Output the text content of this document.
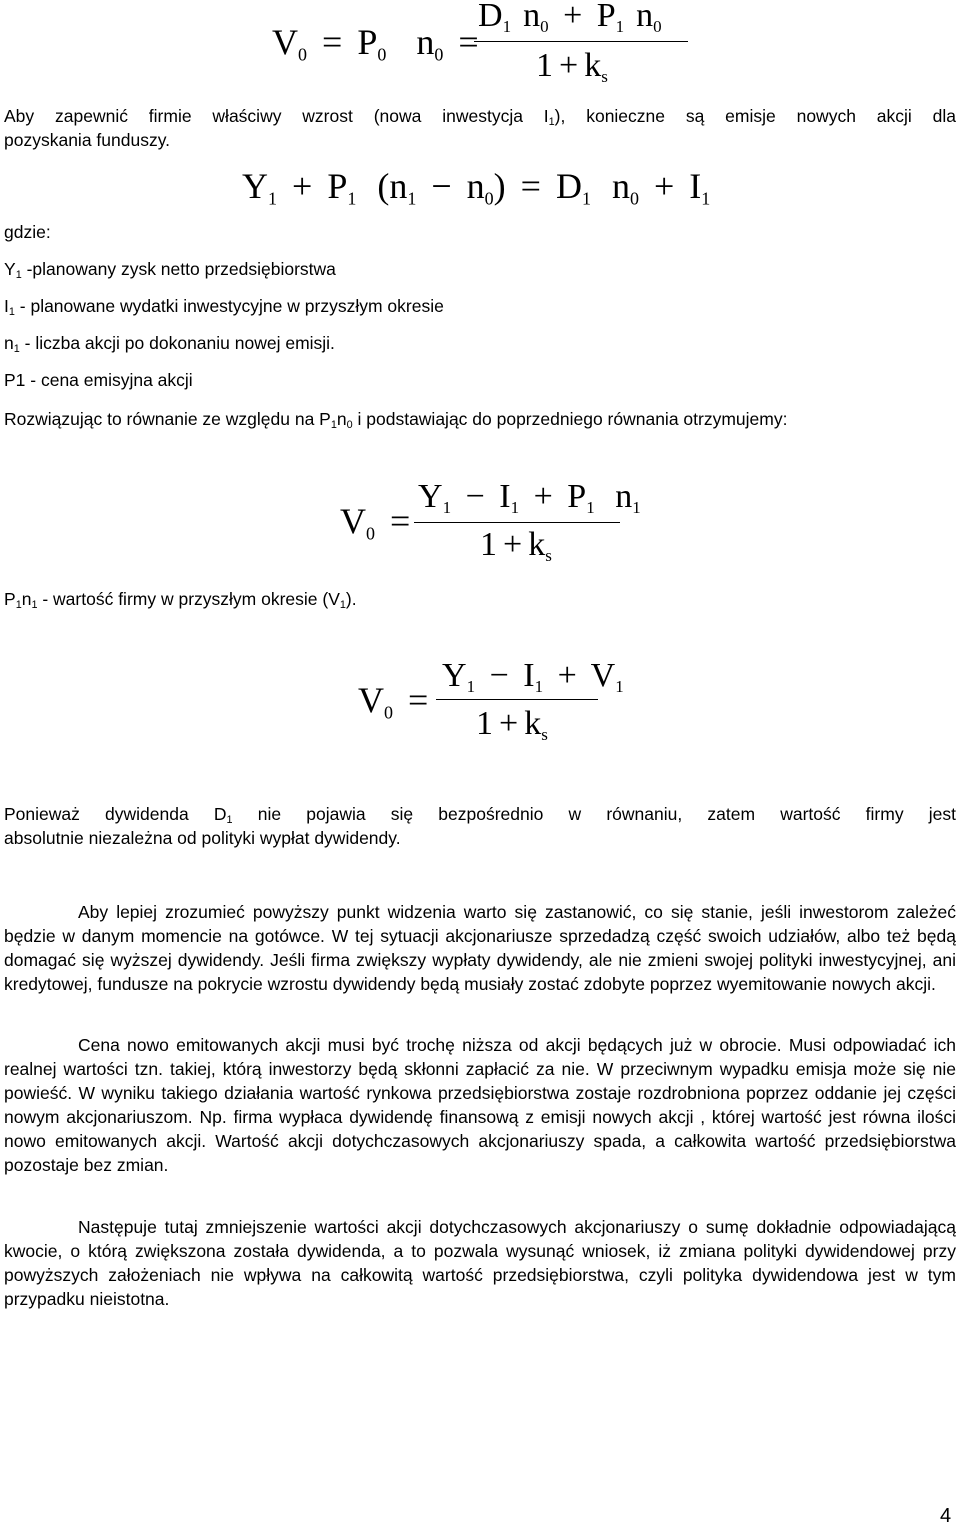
$V_0 = P_0$ $n_0$ =
$D_1$ $n_0 + P_1$ $n_0$
$1 + k_s$
Aby zapewnić firmie właściwy wzrost (nowa inwestycja I1), konieczne są emisje nowych akcji dla
pozyskania funduszy.
$Y_1 + P_1$ $(n_1 - n_0) = D_1$ $n_0 + I_1$
gdzie:
Y1 -planowany zysk netto przedsiębiorstwa
I1 - planowane wydatki inwestycyjne w przyszłym okresie
n1 - liczba akcji po dokonaniu nowej emisji.
P1 - cena emisyjna akcji
Rozwiązując to równanie ze względu na P1n0 i podstawiając do poprzedniego równania otrzymujemy:
$V_0$ =
$Y_1 - I_1 + P_1$ $n_1$
$1 + k_s$
P1n1 - wartość firmy w przyszłym okresie (V1).
$V_0$ =
$Y_1 - I_1 + V_1$
$1 + k_s$
Ponieważ dywidenda D1 nie pojawia się bezpośrednio w równaniu, zatem wartość firmy jest
absolutnie niezależna od polityki wypłat dywidendy.
Aby lepiej zrozumieć powyższy punkt widzenia warto się zastanowić, co się stanie, jeśli inwestorom zależeć będzie w danym momencie na gotówce. W tej sytuacji akcjonariusze sprzedadzą część swoich udziałów, albo też będą domagać się wyższej dywidendy. Jeśli firma zwiększy wypłaty dywidendy, ale nie zmieni swojej polityki inwestycyjnej, ani kredytowej, fundusze na pokrycie wzrostu dywidendy będą musiały zostać zdobyte poprzez wyemitowanie nowych akcji.
Cena nowo emitowanych akcji musi być trochę niższa od akcji będących już w obrocie. Musi odpowiadać ich realnej wartości tzn. takiej, którą inwestorzy będą skłonni zapłacić za nie. W przeciwnym wypadku emisja może się nie powieść. W wyniku takiego działania wartość rynkowa przedsiębiorstwa zostaje rozdrobniona poprzez oddanie jej części nowym akcjonariuszom. Np. firma wypłaca dywidendę finansową z emisji nowych akcji , której wartość jest równa ilości nowo emitowanych akcji. Wartość akcji dotychczasowych akcjonariuszy spada, a całkowita wartość przedsiębiorstwa pozostaje bez zmian.
Następuje tutaj zmniejszenie wartości akcji dotychczasowych akcjonariuszy o sumę dokładnie odpowiadającą kwocie, o którą zwiększona została dywidenda, a to pozwala wysunąć wniosek, iż zmiana polityki dywidendowej przy powyższych założeniach nie wpływa na całkowitą wartość przedsiębiorstwa, czyli polityka dywidendowa jest w tym przypadku nieistotna.
4
